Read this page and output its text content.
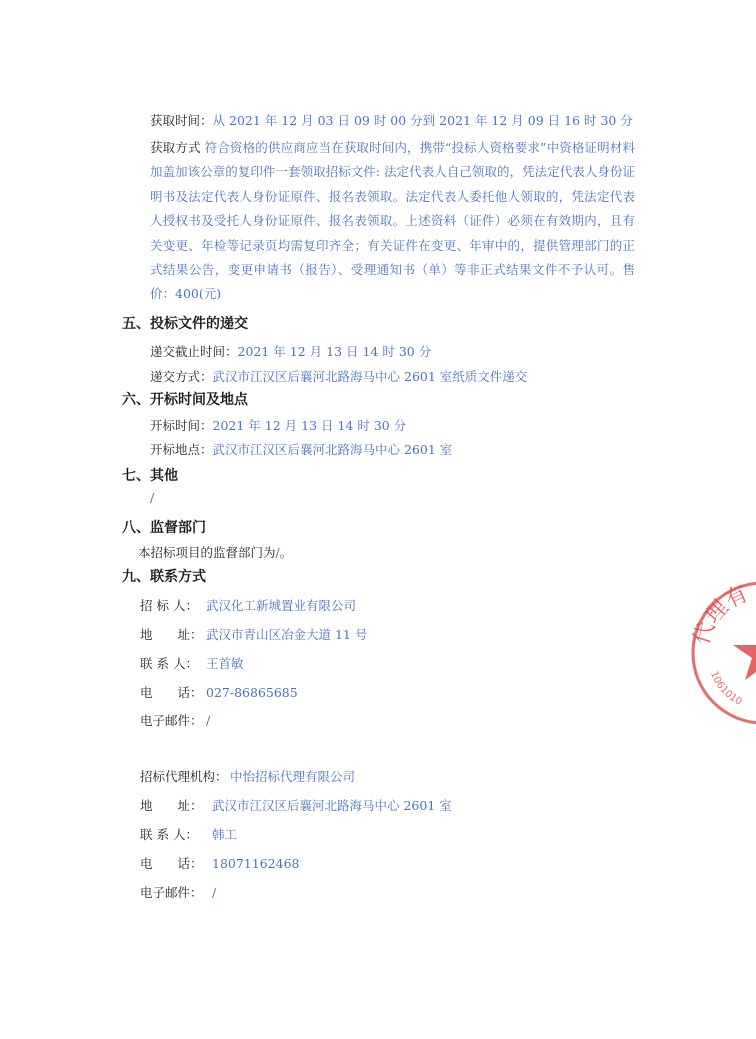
获取时间：从 2021 年 12 月 03 日 09 时 00 分到 2021 年 12 月 09 日 16 时 30 分
获取方式 符合资格的供应商应当在获取时间内，携带“投标人资格要求”中资格证明材料加盖加该公章的复印件一套领取招标文件: 法定代表人自己领取的，凭法定代表人身份证明书及法定代表人身份证原件、报名表领取。法定代表人委托他人领取的，凭法定代表人授权书及受托人身份证原件、报名表领取。上述资料（证件）必须在有效期内，且有关变更、年检等记录页均需复印齐全；有关证件在变更、年审中的，提供管理部门的正式结果公告，变更申请书（报告）、受理通知书（单）等非正式结果文件不予认可。售价：400(元)
五、投标文件的递交
递交截止时间：2021 年 12 月 13 日 14 时 30 分
递交方式：武汉市江汉区后襄河北路海马中心 2601 室纸质文件递交
六、开标时间及地点
开标时间：2021 年 12 月 13 日 14 时 30 分
开标地点：武汉市江汉区后襄河北路海马中心 2601 室
七、其他
/
八、监督部门
本招标项目的监督部门为/。
九、联系方式
招 标 人： 武汉化工新城置业有限公司
地　　址： 武汉市青山区冶金大道 11 号
联 系 人： 王首敏
电　　话： 027-86865685
电子邮件： /
招标代理机构： 中怡招标代理有限公司
地　　址： 武汉市江汉区后襄河北路海马中心 2601 室
联 系 人： 韩工
电　　话： 18071162468
电子邮件： /
代理有
1061010
